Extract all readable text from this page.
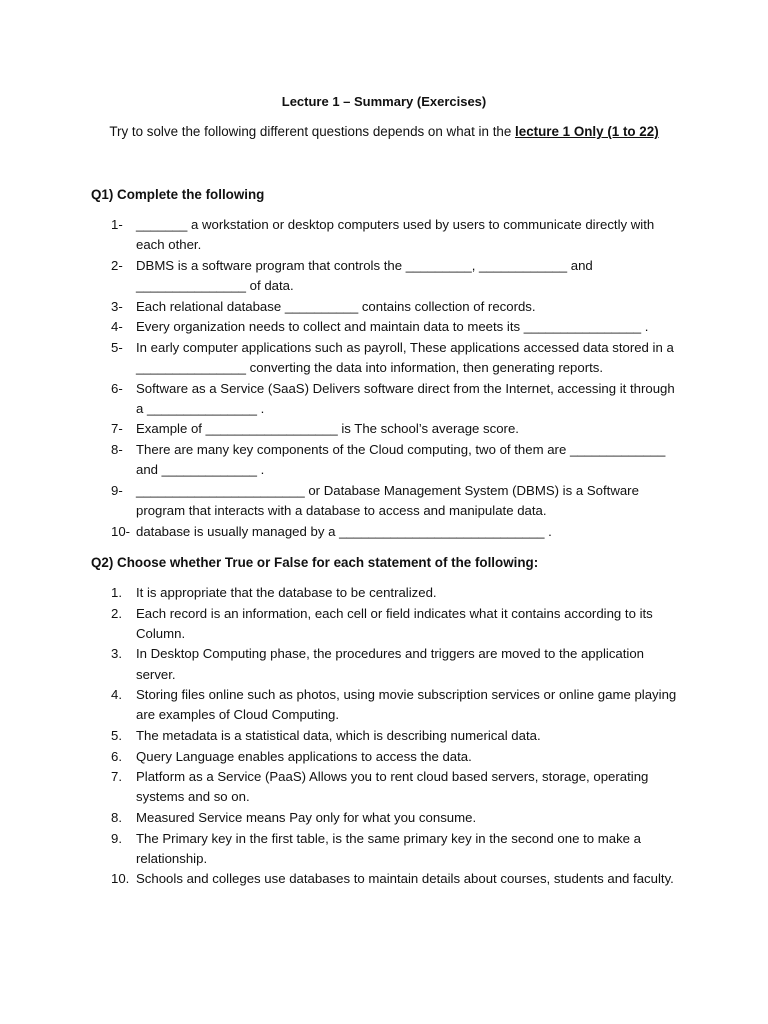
Lecture 1 – Summary (Exercises)
Try to solve the following different questions depends on what in the lecture 1 Only (1 to 22)
Q1) Complete the following
1-	_______ a workstation or desktop computers used by users to communicate directly with each other.
2-	DBMS is a software program that controls the _________, ____________ and _______________ of data.
3-	Each relational database __________ contains collection of records.
4-	Every organization needs to collect and maintain data to meets its ________________ .
5-	In early computer applications such as payroll, These applications accessed data stored in a _______________ converting the data into information, then generating reports.
6-	Software as a Service (SaaS) Delivers software direct from the Internet, accessing it through a _______________ .
7-	Example of __________________ is The school’s average score.
8-	There are many key components of the Cloud computing, two of them are _____________ and _____________ .
9-	_______________________ or Database Management System (DBMS) is a Software program that interacts with a database to access and manipulate data.
10- database is usually managed by a ____________________________ .
Q2) Choose whether True or False for each statement of the following:
1.	It is appropriate that the database to be centralized.
2.	Each record is an information, each cell or field indicates what it contains according to its Column.
3.	In Desktop Computing phase, the procedures and triggers are moved to the application server.
4.	Storing files online such as photos, using movie subscription services or online game playing are examples of Cloud Computing.
5.	The metadata is a statistical data, which is describing numerical data.
6.	Query Language enables applications to access the data.
7.	Platform as a Service (PaaS) Allows you to rent cloud based servers, storage, operating systems and so on.
8.	Measured Service means Pay only for what you consume.
9.	The Primary key in the first table, is the same primary key in the second one to make a relationship.
10. Schools and colleges use databases to maintain details about courses, students and faculty.
